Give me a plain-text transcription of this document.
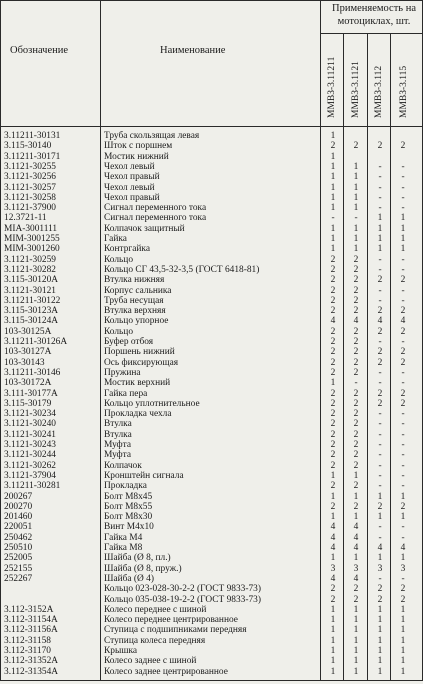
Обозначение	Наименование
Применяемость на мотоциклах, шт.
ММВЗ-3.11211 ММВЗ-3.1121 ММВЗ-3.112 ММВЗ-3.115
3.11211-30131	Труба скользящая левая	1
3.115-30140	Шток с поршнем	2	2	2	2
3.11211-30171	Мостик нижний	1
3.1121-30255	Чехол левый	1	1	-	-
3.1121-30256	Чехол правый	1	1	-	-
3.1121-30257	Чехол левый	1	1	-	-
3.1121-30258	Чехол правый	1	1	-	-
3.1121-37900	Сигнал переменного тока	1	1	-	-
12.3721-11	Сигнал переменного тока	-	-	1	1
MIA-3001111	Колпачок защитный	1	1	1	1
MIM-3001255	Гайка	1	1	1	1
MIM-3001260	Контргайка	1	1	1	1
3.1121-30259	Кольцо	2	2	-	-
3.1121-30282	Кольцо СГ 43,5-32-3,5 (ГОСТ 6418-81)	2	2	-	-
3.115-30120А	Втулка нижняя	2	2	2	2
3.1121-30121	Корпус сальника	2	2	-	-
3.11211-30122	Труба несущая	2	2	-	-
3.115-30123А	Втулка верхняя	2	2	2	2
3.115-30124А	Кольцо упорное	4	4	4	4
103-30125А	Кольцо	2	2	2	2
3.11211-30126А	Буфер отбоя	2	2	-	-
103-30127А	Поршень нижний	2	2	2	2
103-30143	Ось фиксирующая	2	2	2	2
3.11211-30146	Пружина	2	2	-	-
103-30172А	Мостик верхний	1	-	-	-
3.111-30177А	Гайка пера	2	2	2	2
3.115-30179	Кольцо уплотнительное	2	2	2	2
3.1121-30234	Прокладка чехла	2	2	-	-
3.1121-30240	Втулка	2	2	-	-
3.1121-30241	Втулка	2	2	-	-
3.1121-30243	Муфта	2	2	-	-
3.1121-30244	Муфта	2	2	-	-
3.1121-30262	Колпачок	2	2	-	-
3.1121-37904	Кронштейн сигнала	1	1	-	-
3.11211-30281	Прокладка	2	2	-	-
200267	Болт М8х45	1	1	1	1
200270	Болт М8х55	2	2	2	2
201460	Болт М8х30	1	1	1	1
220051	Винт М4х10	4	4	-	-
250462	Гайка М4	4	4	-	-
250510	Гайка М8	4	4	4	4
252005	Шайба (Ø 8, пл.)	1	1	1	1
252155	Шайба (Ø 8, пруж.)	3	3	3	3
252267	Шайба (Ø 4)	4	4	-	-
Кольцо 023-028-30-2-2 (ГОСТ 9833-73)	2	2	2	2
Кольцо 035-038-19-2-2 (ГОСТ 9833-73)	2	2	2	2
3.112-3152А	Колесо переднее с шиной	1	1	1	1
3.112-31154А	Колесо переднее центрированное	1	1	1	1
3.112-31156А	Ступица с подшипниками передняя	1	1	1	1
3.112-31158	Ступица колеса передняя	1	1	1	1
3.112-31170	Крышка	1	1	1	1
3.112-31352А	Колесо заднее с шиной	1	1	1	1
3.112-31354А	Колесо заднее центрированное	1	1	1	1
